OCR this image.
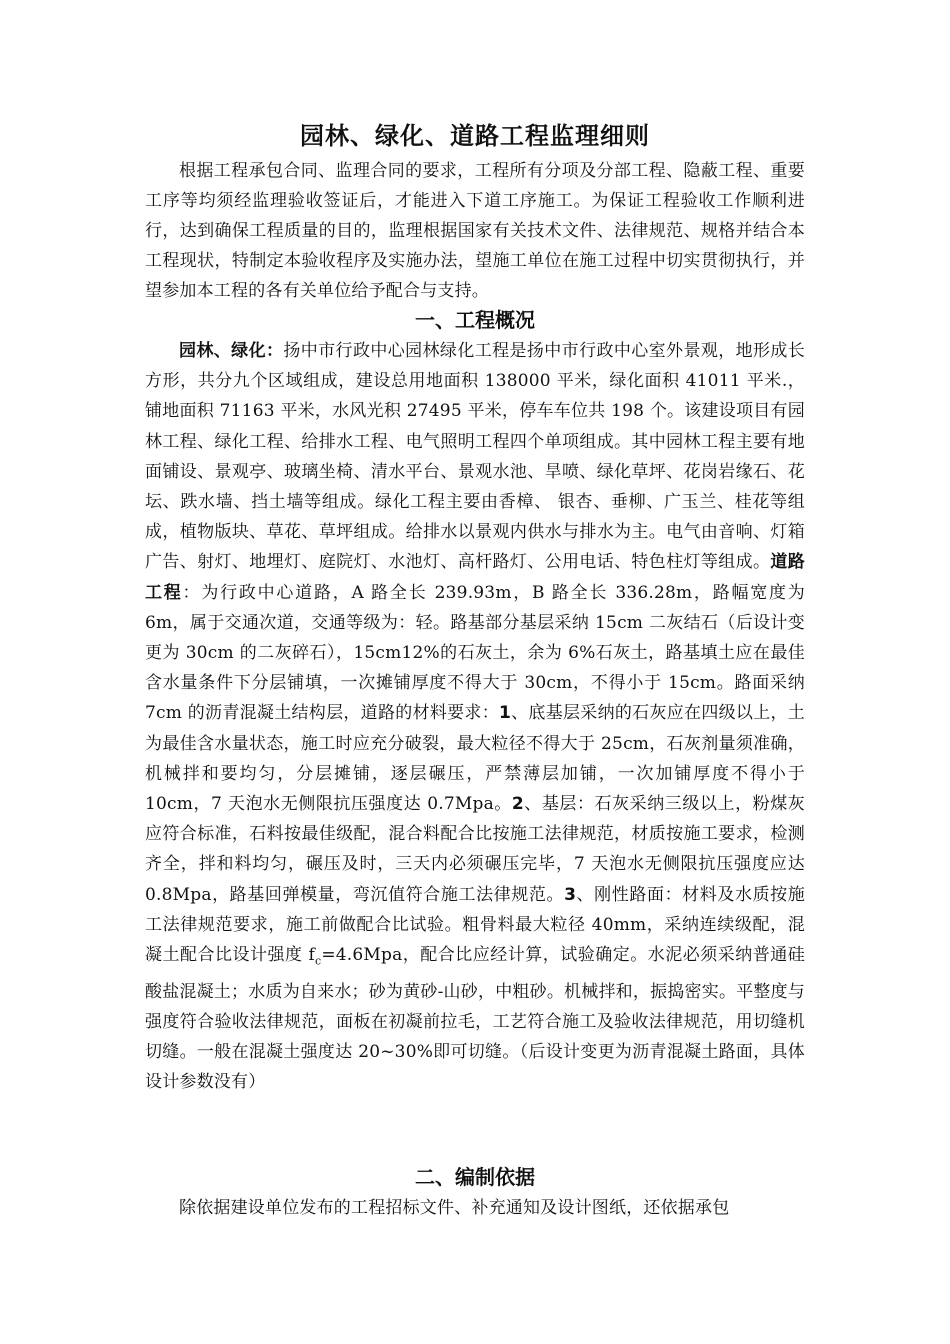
园林、绿化、道路工程监理细则

根据工程承包合同、监理合同的要求，工程所有分项及分部工程、隐蔽工程、重要工序等均须经监理验收签证后，才能进入下道工序施工。为保证工程验收工作顺利进行，达到确保工程质量的目的，监理根据国家有关技术文件、法律规范、规格并结合本工程现状，特制定本验收程序及实施办法，望施工单位在施工过程中切实贯彻执行，并望参加本工程的各有关单位给予配合与支持。

一、工程概况

园林、绿化：扬中市行政中心园林绿化工程是扬中市行政中心室外景观，地形成长方形，共分九个区域组成，建设总用地面积 138000 平米，绿化面积 41011 平米.，铺地面积 71163 平米，水风光积 27495 平米，停车车位共 198 个。该建设项目有园林工程、绿化工程、给排水工程、电气照明工程四个单项组成。其中园林工程主要有地面铺设、景观亭、玻璃坐椅、清水平台、景观水池、旱喷、绿化草坪、花岗岩缘石、花坛、跌水墙、挡土墙等组成。绿化工程主要由香樟、 银杏、垂柳、广玉兰、桂花等组成，植物版块、草花、草坪组成。给排水以景观内供水与排水为主。电气由音响、灯箱广告、射灯、地埋灯、庭院灯、水池灯、高杆路灯、公用电话、特色柱灯等组成。道路工程：为行政中心道路，A 路全长 239.93m，B 路全长 336.28m，路幅宽度为 6m，属于交通次道，交通等级为：轻。路基部分基层采纳 15cm 二灰结石（后设计变更为 30cm 的二灰碎石），15cm12%的石灰土，余为 6%石灰土，路基填土应在最佳含水量条件下分层铺填，一次摊铺厚度不得大于 30cm，不得小于 15cm。路面采纳 7cm 的沥青混凝土结构层，道路的材料要求：1、底基层采纳的石灰应在四级以上，土为最佳含水量状态，施工时应充分破裂，最大粒径不得大于 25cm，石灰剂量须准确，机械拌和要均匀，分层摊铺，逐层碾压，严禁薄层加铺，一次加铺厚度不得小于 10cm，7 天泡水无侧限抗压强度达 0.7Mpa。2、基层：石灰采纳三级以上，粉煤灰应符合标准，石料按最佳级配，混合料配合比按施工法律规范，材质按施工要求，检测齐全，拌和料均匀，碾压及时，三天内必须碾压完毕，7 天泡水无侧限抗压强度应达 0.8Mpa，路基回弹模量，弯沉值符合施工法律规范。3、刚性路面：材料及水质按施工法律规范要求，施工前做配合比试验。粗骨料最大粒径 40mm，采纳连续级配，混凝土配合比设计强度 $f_c=4.6Mpa$，配合比应经计算，试验确定。水泥必须采纳普通硅酸盐混凝土；水质为自来水；砂为黄砂-山砂，中粗砂。机械拌和，振捣密实。平整度与强度符合验收法律规范，面板在初凝前拉毛，工艺符合施工及验收法律规范，用切缝机切缝。一般在混凝土强度达 20~30%即可切缝。（后设计变更为沥青混凝土路面，具体设计参数没有）

二、编制依据

除依据建设单位发布的工程招标文件、补充通知及设计图纸，还依据承包
